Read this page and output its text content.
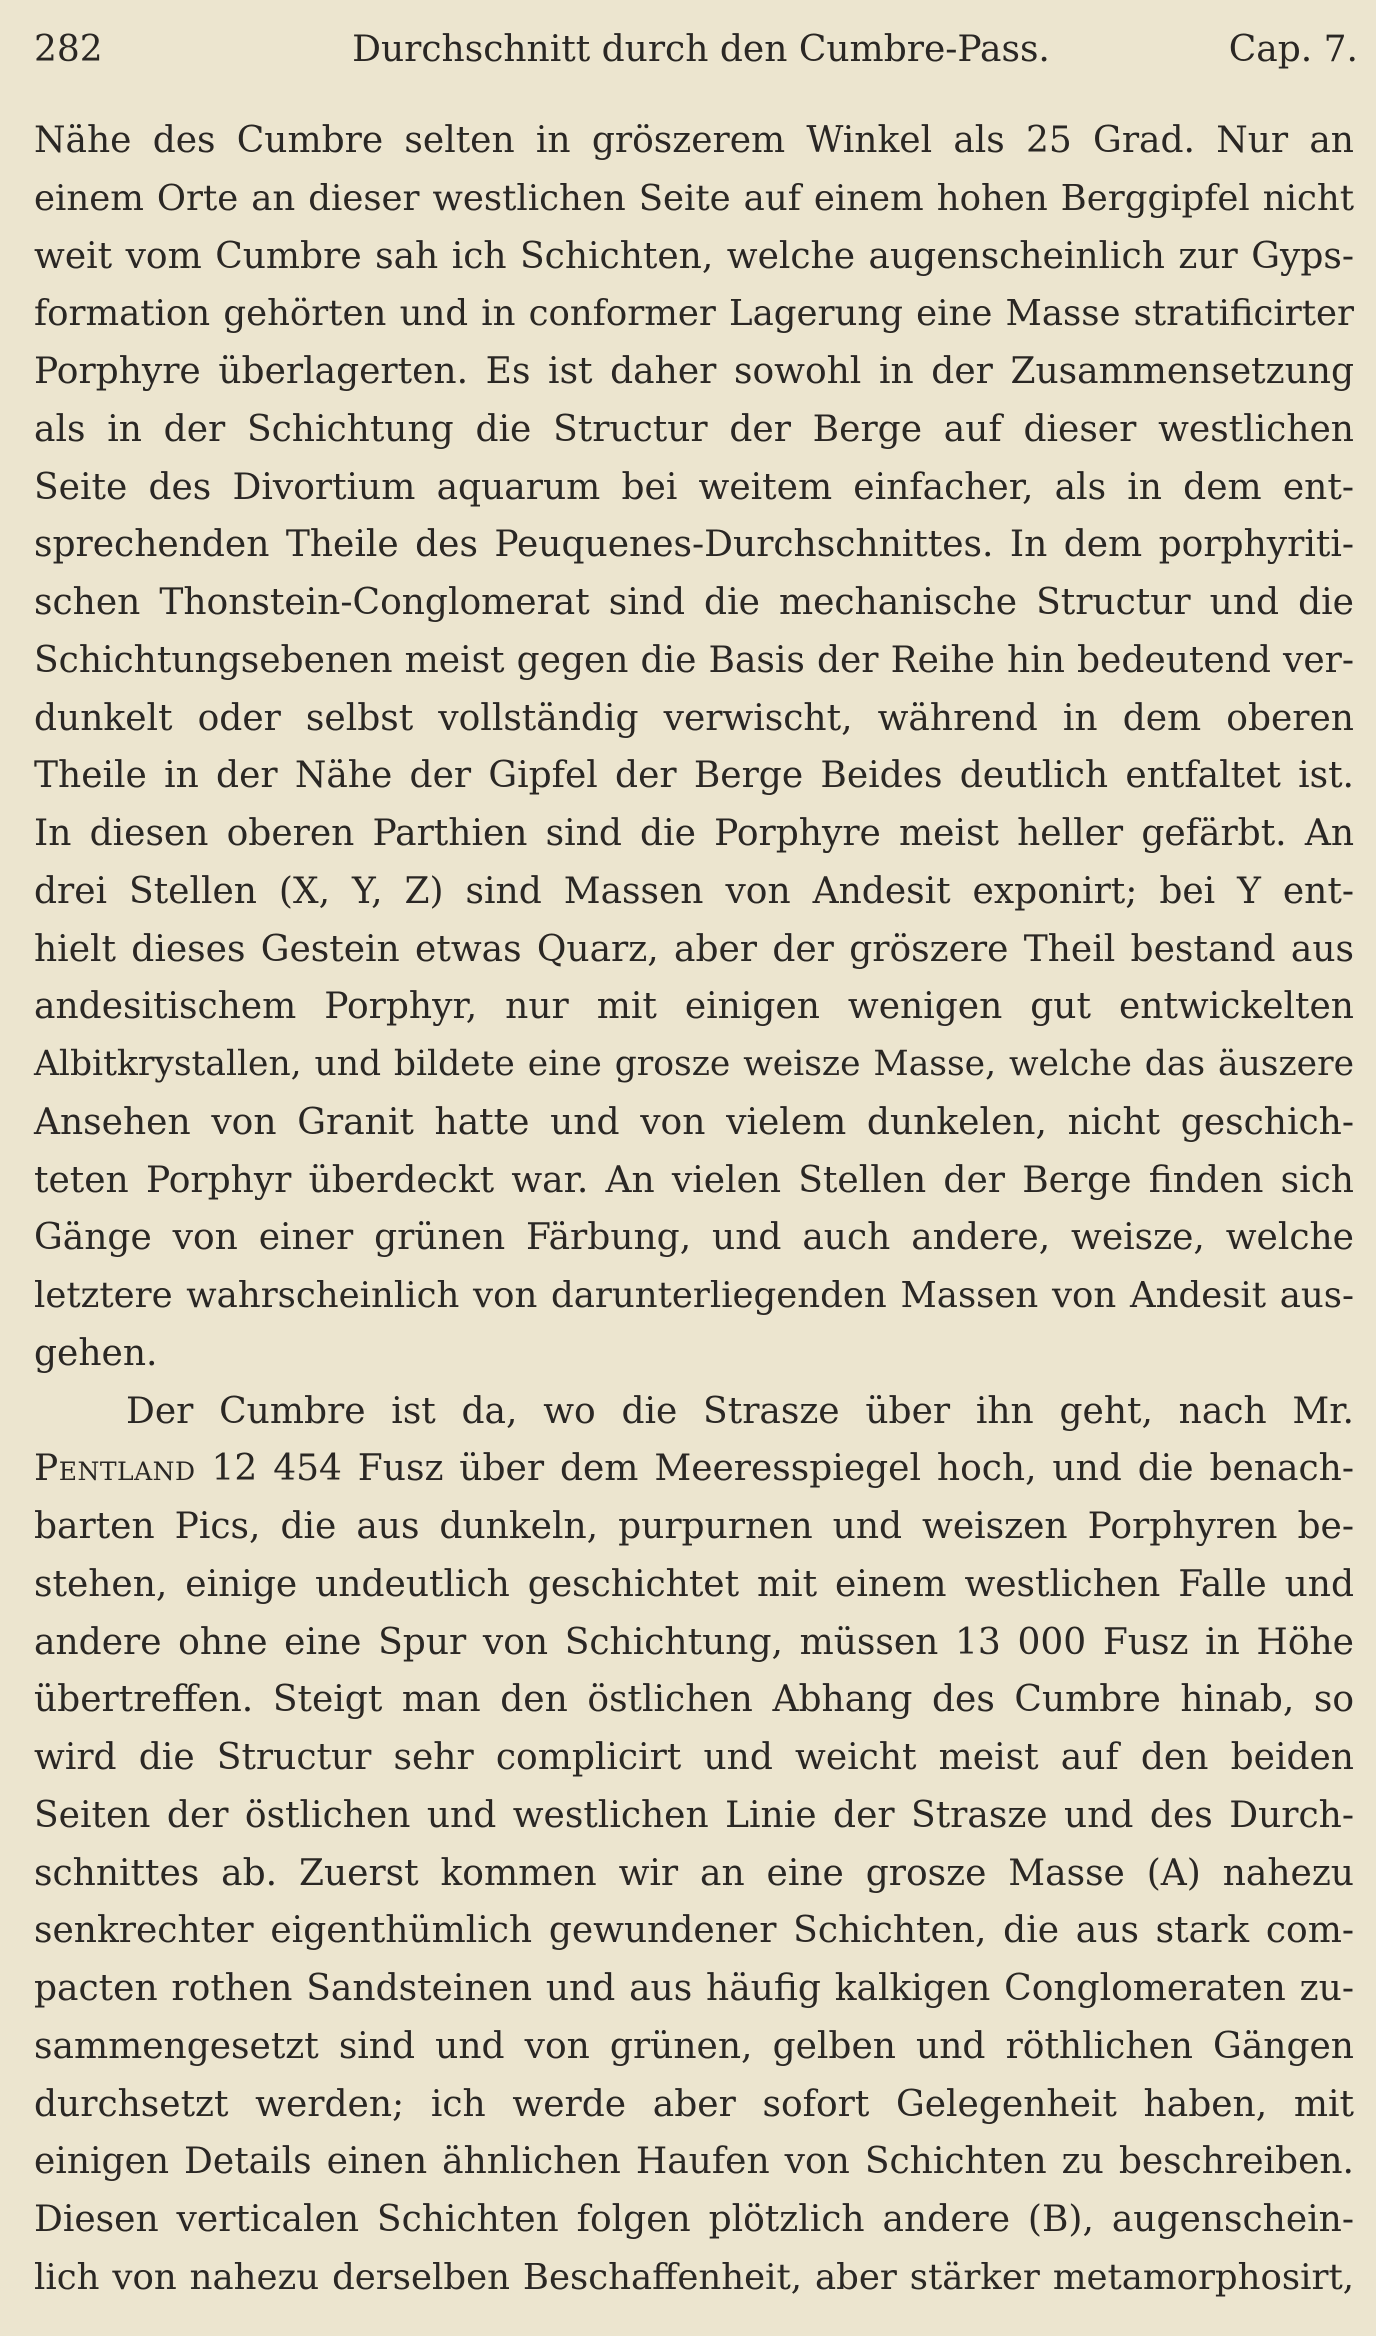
282	Durchschnitt durch den Cumbre-Pass.	Cap. 7.
Nähe des Cumbre selten in gröszerem Winkel als 25 Grad. Nur an
einem Orte an dieser westlichen Seite auf einem hohen Berggipfel nicht
weit vom Cumbre sah ich Schichten, welche augenscheinlich zur Gyps-
formation gehörten und in conformer Lagerung eine Masse stratificirter
Porphyre überlagerten. Es ist daher sowohl in der Zusammensetzung
als in der Schichtung die Structur der Berge auf dieser westlichen
Seite des Divortium aquarum bei weitem einfacher, als in dem ent-
sprechenden Theile des Peuquenes-Durchschnittes. In dem porphyriti-
schen Thonstein-Conglomerat sind die mechanische Structur und die
Schichtungsebenen meist gegen die Basis der Reihe hin bedeutend ver-
dunkelt oder selbst vollständig verwischt, während in dem oberen
Theile in der Nähe der Gipfel der Berge Beides deutlich entfaltet ist.
In diesen oberen Parthien sind die Porphyre meist heller gefärbt. An
drei Stellen (X, Y, Z) sind Massen von Andesit exponirt; bei Y ent-
hielt dieses Gestein etwas Quarz, aber der gröszere Theil bestand aus
andesitischem Porphyr, nur mit einigen wenigen gut entwickelten
Albitkrystallen, und bildete eine grosze weisze Masse, welche das äuszere
Ansehen von Granit hatte und von vielem dunkelen, nicht geschich-
teten Porphyr überdeckt war. An vielen Stellen der Berge finden sich
Gänge von einer grünen Färbung, und auch andere, weisze, welche
letztere wahrscheinlich von darunterliegenden Massen von Andesit aus-
gehen.
Der Cumbre ist da, wo die Strasze über ihn geht, nach Mr.
Pentland 12 454 Fusz über dem Meeresspiegel hoch, und die benach-
barten Pics, die aus dunkeln, purpurnen und weiszen Porphyren be-
stehen, einige undeutlich geschichtet mit einem westlichen Falle und
andere ohne eine Spur von Schichtung, müssen 13 000 Fusz in Höhe
übertreffen. Steigt man den östlichen Abhang des Cumbre hinab, so
wird die Structur sehr complicirt und weicht meist auf den beiden
Seiten der östlichen und westlichen Linie der Strasze und des Durch-
schnittes ab. Zuerst kommen wir an eine grosze Masse (A) nahezu
senkrechter eigenthümlich gewundener Schichten, die aus stark com-
pacten rothen Sandsteinen und aus häufig kalkigen Conglomeraten zu-
sammengesetzt sind und von grünen, gelben und röthlichen Gängen
durchsetzt werden; ich werde aber sofort Gelegenheit haben, mit
einigen Details einen ähnlichen Haufen von Schichten zu beschreiben.
Diesen verticalen Schichten folgen plötzlich andere (B), augenschein-
lich von nahezu derselben Beschaffenheit, aber stärker metamorphosirt,
